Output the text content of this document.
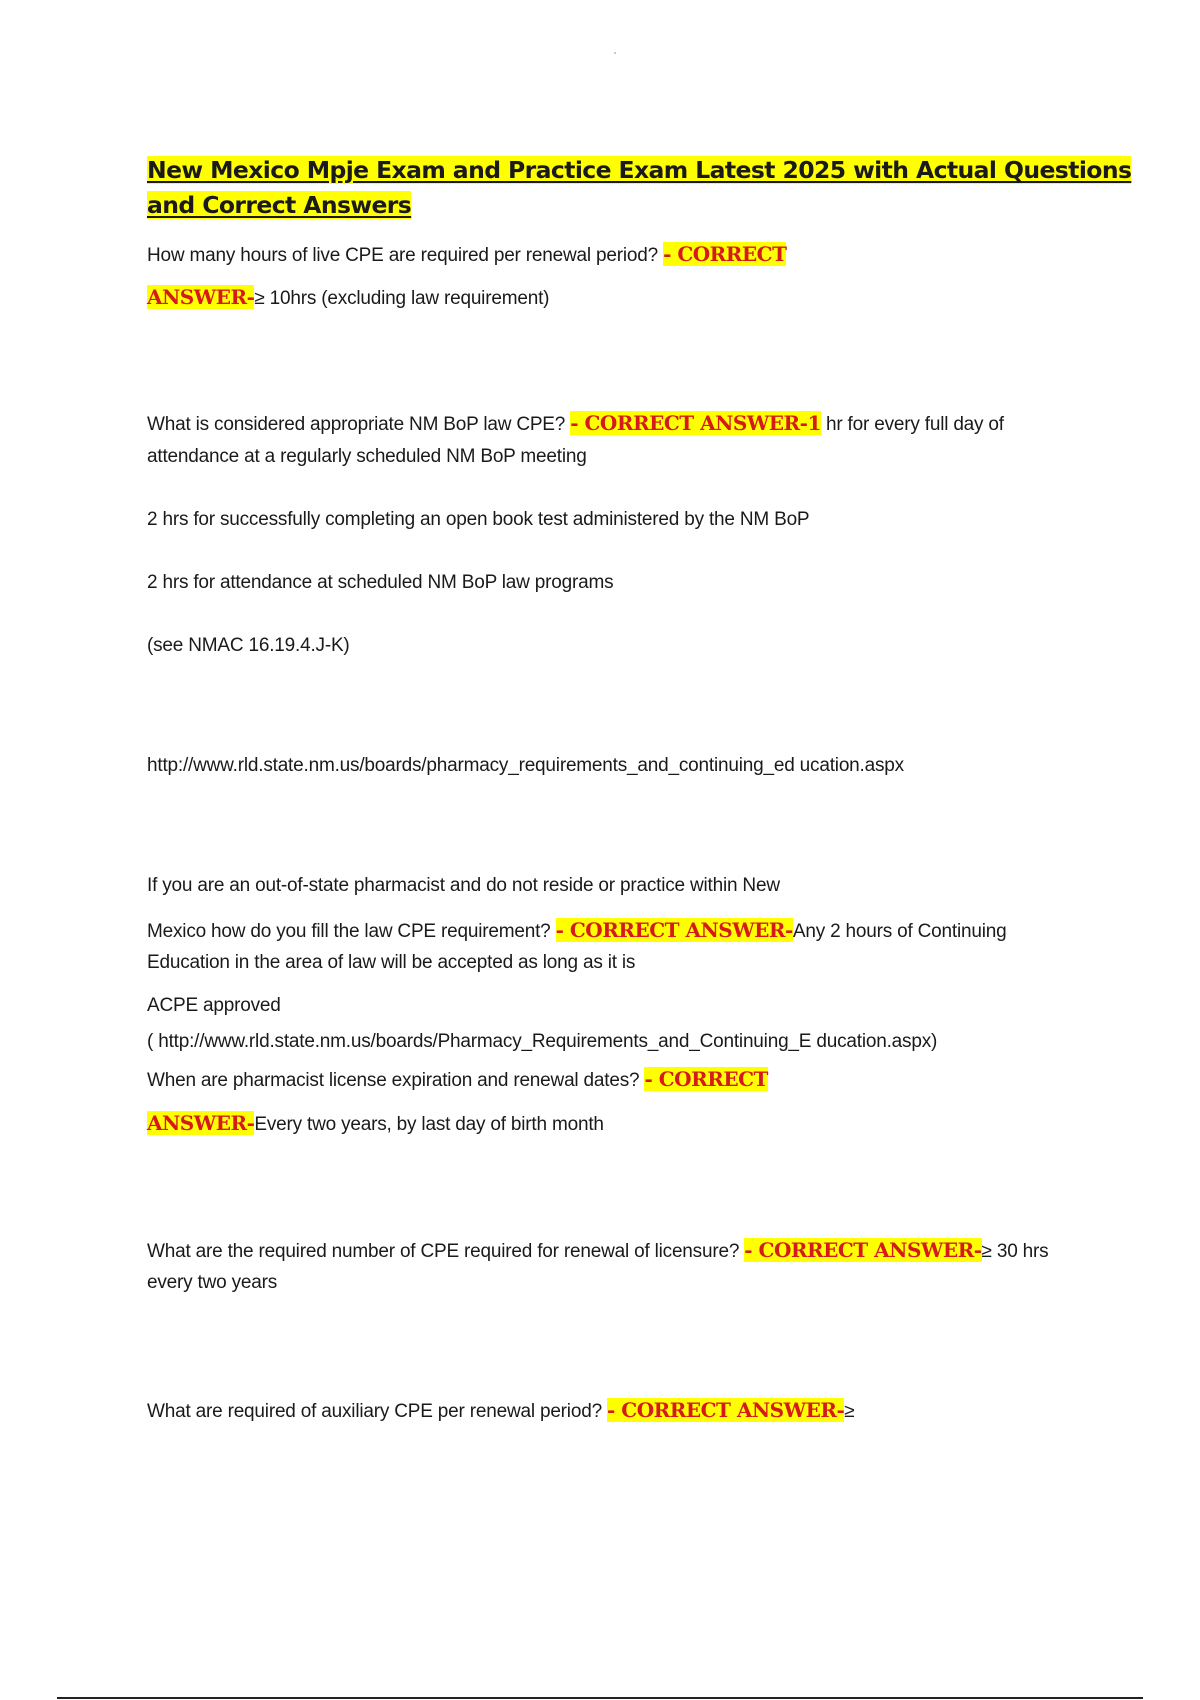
New Mexico Mpje Exam and Practice Exam Latest 2025 with Actual Questions
and Correct Answers
How many hours of live CPE are required per renewal period? - CORRECT
ANSWER-≥ 10hrs (excluding law requirement)
What is considered appropriate NM BoP law CPE? - CORRECT ANSWER-1 hr for every full day of
attendance at a regularly scheduled NM BoP meeting
2 hrs for successfully completing an open book test administered by the NM BoP
2 hrs for attendance at scheduled NM BoP law programs
(see NMAC 16.19.4.J-K)
http://www.rld.state.nm.us/boards/pharmacy_requirements_and_continuing_ed ucation.aspx
If you are an out-of-state pharmacist and do not reside or practice within New
Mexico how do you fill the law CPE requirement? - CORRECT ANSWER-Any 2 hours of Continuing
Education in the area of law will be accepted as long as it is
ACPE approved
( http://www.rld.state.nm.us/boards/Pharmacy_Requirements_and_Continuing_E ducation.aspx)
When are pharmacist license expiration and renewal dates? - CORRECT
ANSWER-Every two years, by last day of birth month
What are the required number of CPE required for renewal of licensure? - CORRECT ANSWER-≥ 30 hrs
every two years
What are required of auxiliary CPE per renewal period? - CORRECT ANSWER-≥
